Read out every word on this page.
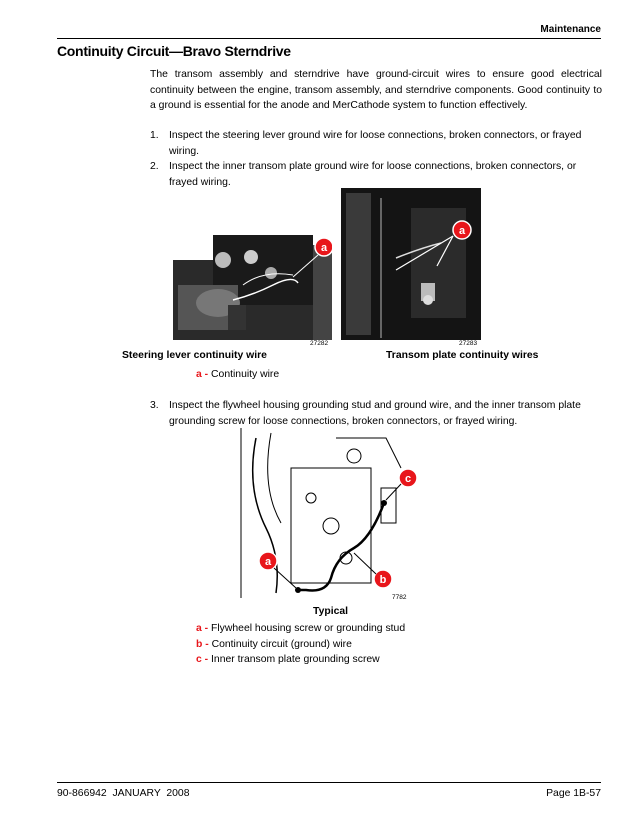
Maintenance
Continuity Circuit—Bravo Sterndrive
The transom assembly and sterndrive have ground-circuit wires to ensure good electrical continuity between the engine, transom assembly, and sterndrive components. Good continuity to a ground is essential for the anode and MerCathode system to function effectively.
1. Inspect the steering lever ground wire for loose connections, broken connectors, or frayed wiring.
2. Inspect the inner transom plate ground wire for loose connections, broken connectors, or frayed wiring.
a
27282
a
27283
Steering lever continuity wire	Transom plate continuity wires
a - Continuity wire
3. Inspect the flywheel housing grounding stud and ground wire, and the inner transom plate grounding screw for loose connections, broken connectors, or frayed wiring.
c
a
b
7782
Typical
a - Flywheel housing screw or grounding stud
b - Continuity circuit (ground) wire
c - Inner transom plate grounding screw
90-866942  JANUARY  2008	Page 1B-57
